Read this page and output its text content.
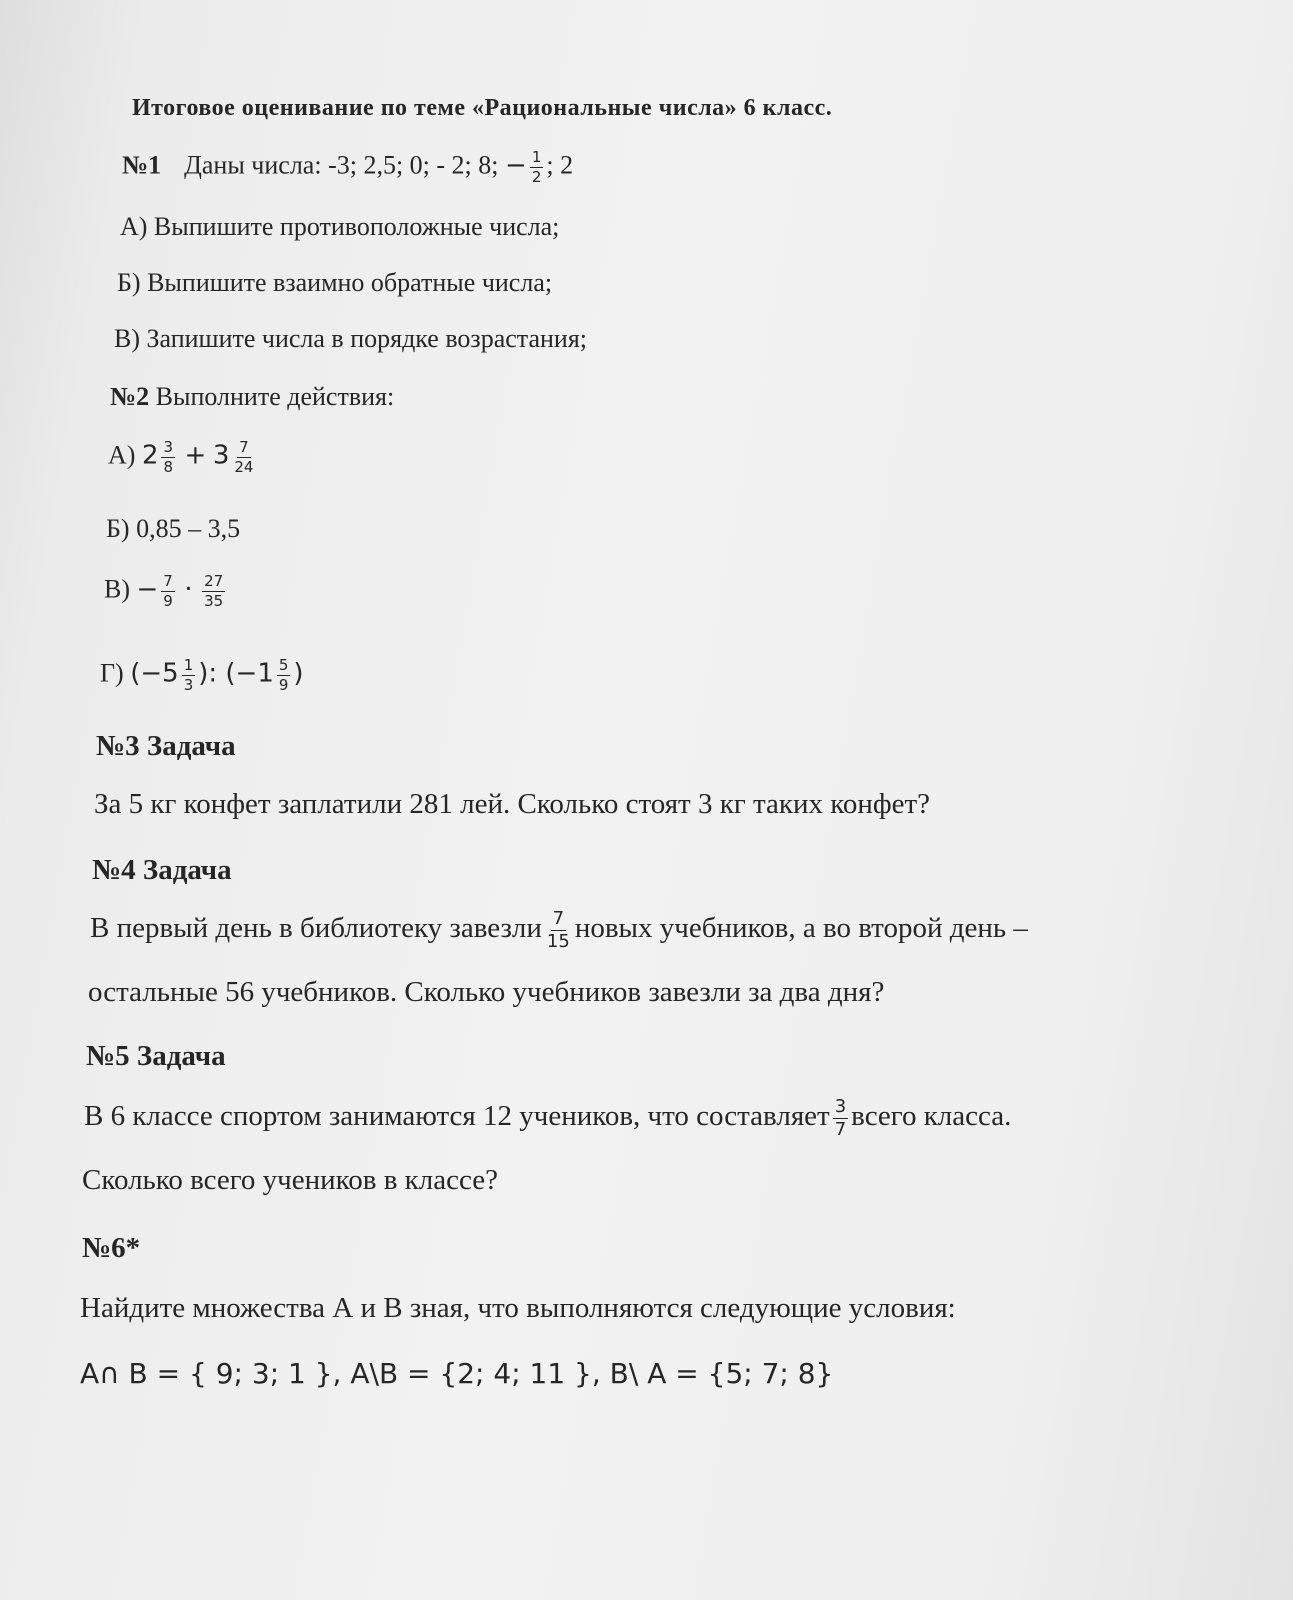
Итоговое оценивание по теме «Рациональные числа» 6 класс.
№1 Даны числа: -3; 2,5; 0; - 2; 8; − $\frac{1}{2}$ ; 2
А) Выпишите противоположные числа;
Б) Выпишите взаимно обратные числа;
В) Запишите числа в порядке возрастания;
№2 Выполните действия:
А) $2 \frac{3}{8} + 3 \frac{7}{24}$
Б) 0,85 – 3,5
$В) - \frac{7}{9} \cdot \frac{27}{35}$
Г) ($-5 \frac{1}{3}$ ): ($-1 \frac{5}{9}$ )
№3 Задача
За 5 кг конфет заплатили 281 лей. Сколько стоят 3 кг таких конфет?
№4 Задача
В первый день в библиотеку завезли $\frac{7}{15}$ новых учебников, а во второй день –
остальные 56 учебников. Сколько учебников завезли за два дня?
№5 Задача
В 6 классе спортом занимаются 12 учеников, что составляет $\frac{3}{7}$ всего класса.
Сколько всего учеников в классе?
№6*
Найдите множества А и В зная, что выполняются следующие условия:
A∩ B = { 9; 3; 1 }, A\B = {2; 4; 11 }, B\ A = {5; 7; 8}
